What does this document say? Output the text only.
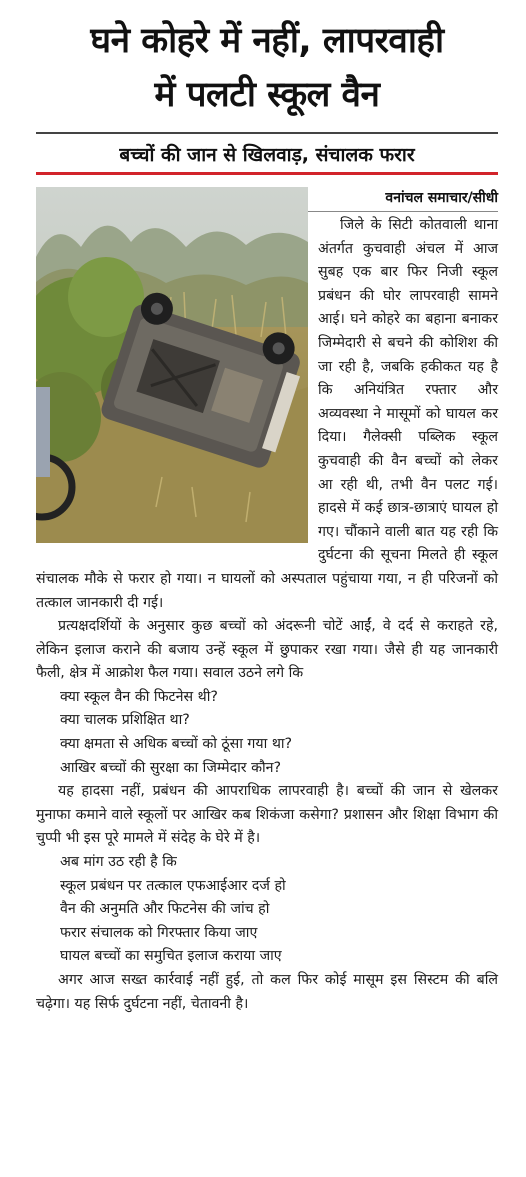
घने कोहरे में नहीं, लापरवाही
में पलटी स्कूल वैन
बच्चों की जान से खिलवाड़, संचालक फरार
वनांचल समाचार/सीधी

जिले के सिटी कोतवाली थाना अंतर्गत कुचवाही अंचल में आज सुबह एक बार फिर निजी स्कूल प्रबंधन की घोर लापरवाही सामने आई। घने कोहरे का बहाना बनाकर जिम्मेदारी से बचने की कोशिश की जा रही है, जबकि हकीकत यह है कि अनियंत्रित रफ्तार और अव्यवस्था ने मासूमों को घायल कर दिया। गैलेक्सी पब्लिक स्कूल कुचवाही की वैन बच्चों को लेकर आ रही थी, तभी वैन पलट गई। हादसे में कई छात्र-छात्राएं घायल हो गए। चौंकाने वाली बात यह रही कि दुर्घटना की सूचना मिलते ही स्कूल संचालक मौके से फरार हो गया। न घायलों को अस्पताल पहुंचाया गया, न ही परिजनों को तत्काल जानकारी दी गई।

प्रत्यक्षदर्शियों के अनुसार कुछ बच्चों को अंदरूनी चोटें आईं, वे दर्द से कराहते रहे, लेकिन इलाज कराने की बजाय उन्हें स्कूल में छुपाकर रखा गया। जैसे ही यह जानकारी फैली, क्षेत्र में आक्रोश फैल गया। सवाल उठने लगे कि

क्या स्कूल वैन की फिटनेस थी?

क्या चालक प्रशिक्षित था?

क्या क्षमता से अधिक बच्चों को ठूंसा गया था?

आखिर बच्चों की सुरक्षा का जिम्मेदार कौन?

यह हादसा नहीं, प्रबंधन की आपराधिक लापरवाही है। बच्चों की जान से खेलकर मुनाफा कमाने वाले स्कूलों पर आखिर कब शिकंजा कसेगा? प्रशासन और शिक्षा विभाग की चुप्पी भी इस पूरे मामले में संदेह के घेरे में है।

अब मांग उठ रही है कि

स्कूल प्रबंधन पर तत्काल एफआईआर दर्ज हो

वैन की अनुमति और फिटनेस की जांच हो

फरार संचालक को गिरफ्तार किया जाए

घायल बच्चों का समुचित इलाज कराया जाए

अगर आज सख्त कार्रवाई नहीं हुई, तो कल फिर कोई मासूम इस सिस्टम की बलि चढ़ेगा। यह सिर्फ दुर्घटना नहीं, चेतावनी है।
